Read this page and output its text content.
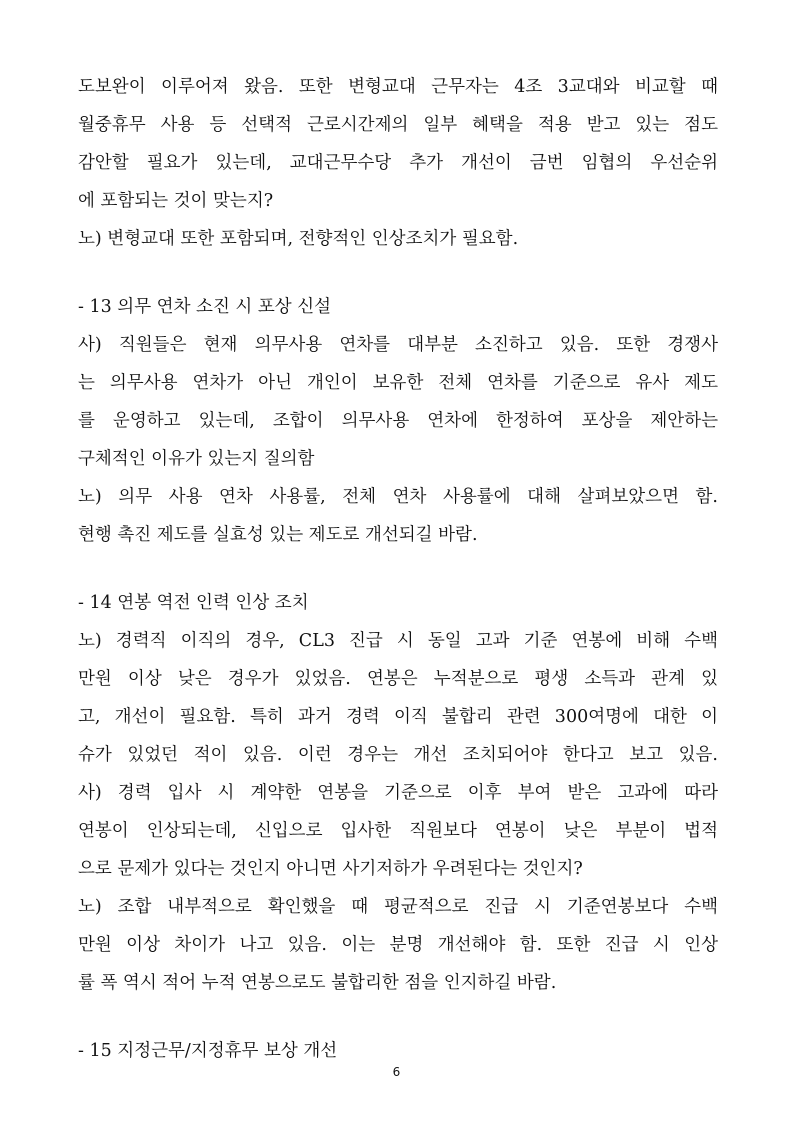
도보완이 이루어져 왔음. 또한 변형교대 근무자는 4조 3교대와 비교할 때
월중휴무 사용 등 선택적 근로시간제의 일부 혜택을 적용 받고 있는 점도
감안할 필요가 있는데, 교대근무수당 추가 개선이 금번 임협의 우선순위
에 포함되는 것이 맞는지?
노) 변형교대 또한 포함되며, 전향적인 인상조치가 필요함.
- 13 의무 연차 소진 시 포상 신설
사) 직원들은 현재 의무사용 연차를 대부분 소진하고 있음. 또한 경쟁사
는 의무사용 연차가 아닌 개인이 보유한 전체 연차를 기준으로 유사 제도
를 운영하고 있는데, 조합이 의무사용 연차에 한정하여 포상을 제안하는
구체적인 이유가 있는지 질의함
노) 의무 사용 연차 사용률, 전체 연차 사용률에 대해 살펴보았으면 함.
현행 촉진 제도를 실효성 있는 제도로 개선되길 바람.
- 14 연봉 역전 인력 인상 조치
노) 경력직 이직의 경우, CL3 진급 시 동일 고과 기준 연봉에 비해 수백
만원 이상 낮은 경우가 있었음. 연봉은 누적분으로 평생 소득과 관계 있
고, 개선이 필요함. 특히 과거 경력 이직 불합리 관련 300여명에 대한 이
슈가 있었던 적이 있음. 이런 경우는 개선 조치되어야 한다고 보고 있음.
사) 경력 입사 시 계약한 연봉을 기준으로 이후 부여 받은 고과에 따라
연봉이 인상되는데, 신입으로 입사한 직원보다 연봉이 낮은 부분이 법적
으로 문제가 있다는 것인지 아니면 사기저하가 우려된다는 것인지?
노) 조합 내부적으로 확인했을 때 평균적으로 진급 시 기준연봉보다 수백
만원 이상 차이가 나고 있음. 이는 분명 개선해야 함. 또한 진급 시 인상
률 폭 역시 적어 누적 연봉으로도 불합리한 점을 인지하길 바람.
- 15 지정근무/지정휴무 보상 개선
6
